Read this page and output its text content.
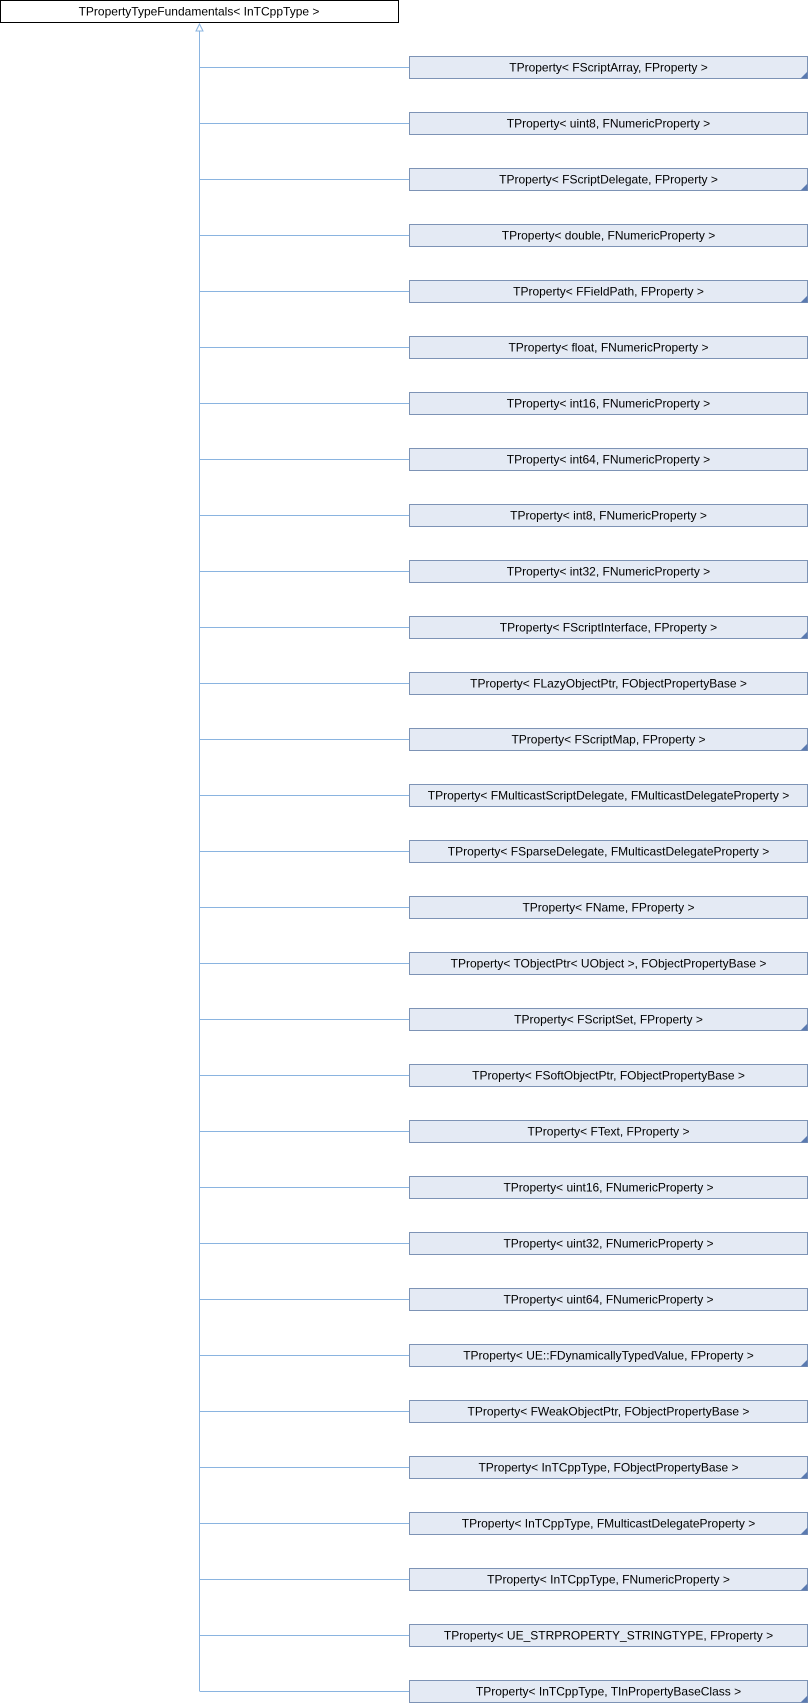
TPropertyTypeFundamentals< InTCppType >
TProperty< FScriptArray, FProperty >
TProperty< uint8, FNumericProperty >
TProperty< FScriptDelegate, FProperty >
TProperty< double, FNumericProperty >
TProperty< FFieldPath, FProperty >
TProperty< float, FNumericProperty >
TProperty< int16, FNumericProperty >
TProperty< int64, FNumericProperty >
TProperty< int8, FNumericProperty >
TProperty< int32, FNumericProperty >
TProperty< FScriptInterface, FProperty >
TProperty< FLazyObjectPtr, FObjectPropertyBase >
TProperty< FScriptMap, FProperty >
TProperty< FMulticastScriptDelegate, FMulticastDelegateProperty >
TProperty< FSparseDelegate, FMulticastDelegateProperty >
TProperty< FName, FProperty >
TProperty< TObjectPtr< UObject >, FObjectPropertyBase >
TProperty< FScriptSet, FProperty >
TProperty< FSoftObjectPtr, FObjectPropertyBase >
TProperty< FText, FProperty >
TProperty< uint16, FNumericProperty >
TProperty< uint32, FNumericProperty >
TProperty< uint64, FNumericProperty >
TProperty< UE::FDynamicallyTypedValue, FProperty >
TProperty< FWeakObjectPtr, FObjectPropertyBase >
TProperty< InTCppType, FObjectPropertyBase >
TProperty< InTCppType, FMulticastDelegateProperty >
TProperty< InTCppType, FNumericProperty >
TProperty< UE_STRPROPERTY_STRINGTYPE, FProperty >
TProperty< InTCppType, TInPropertyBaseClass >
